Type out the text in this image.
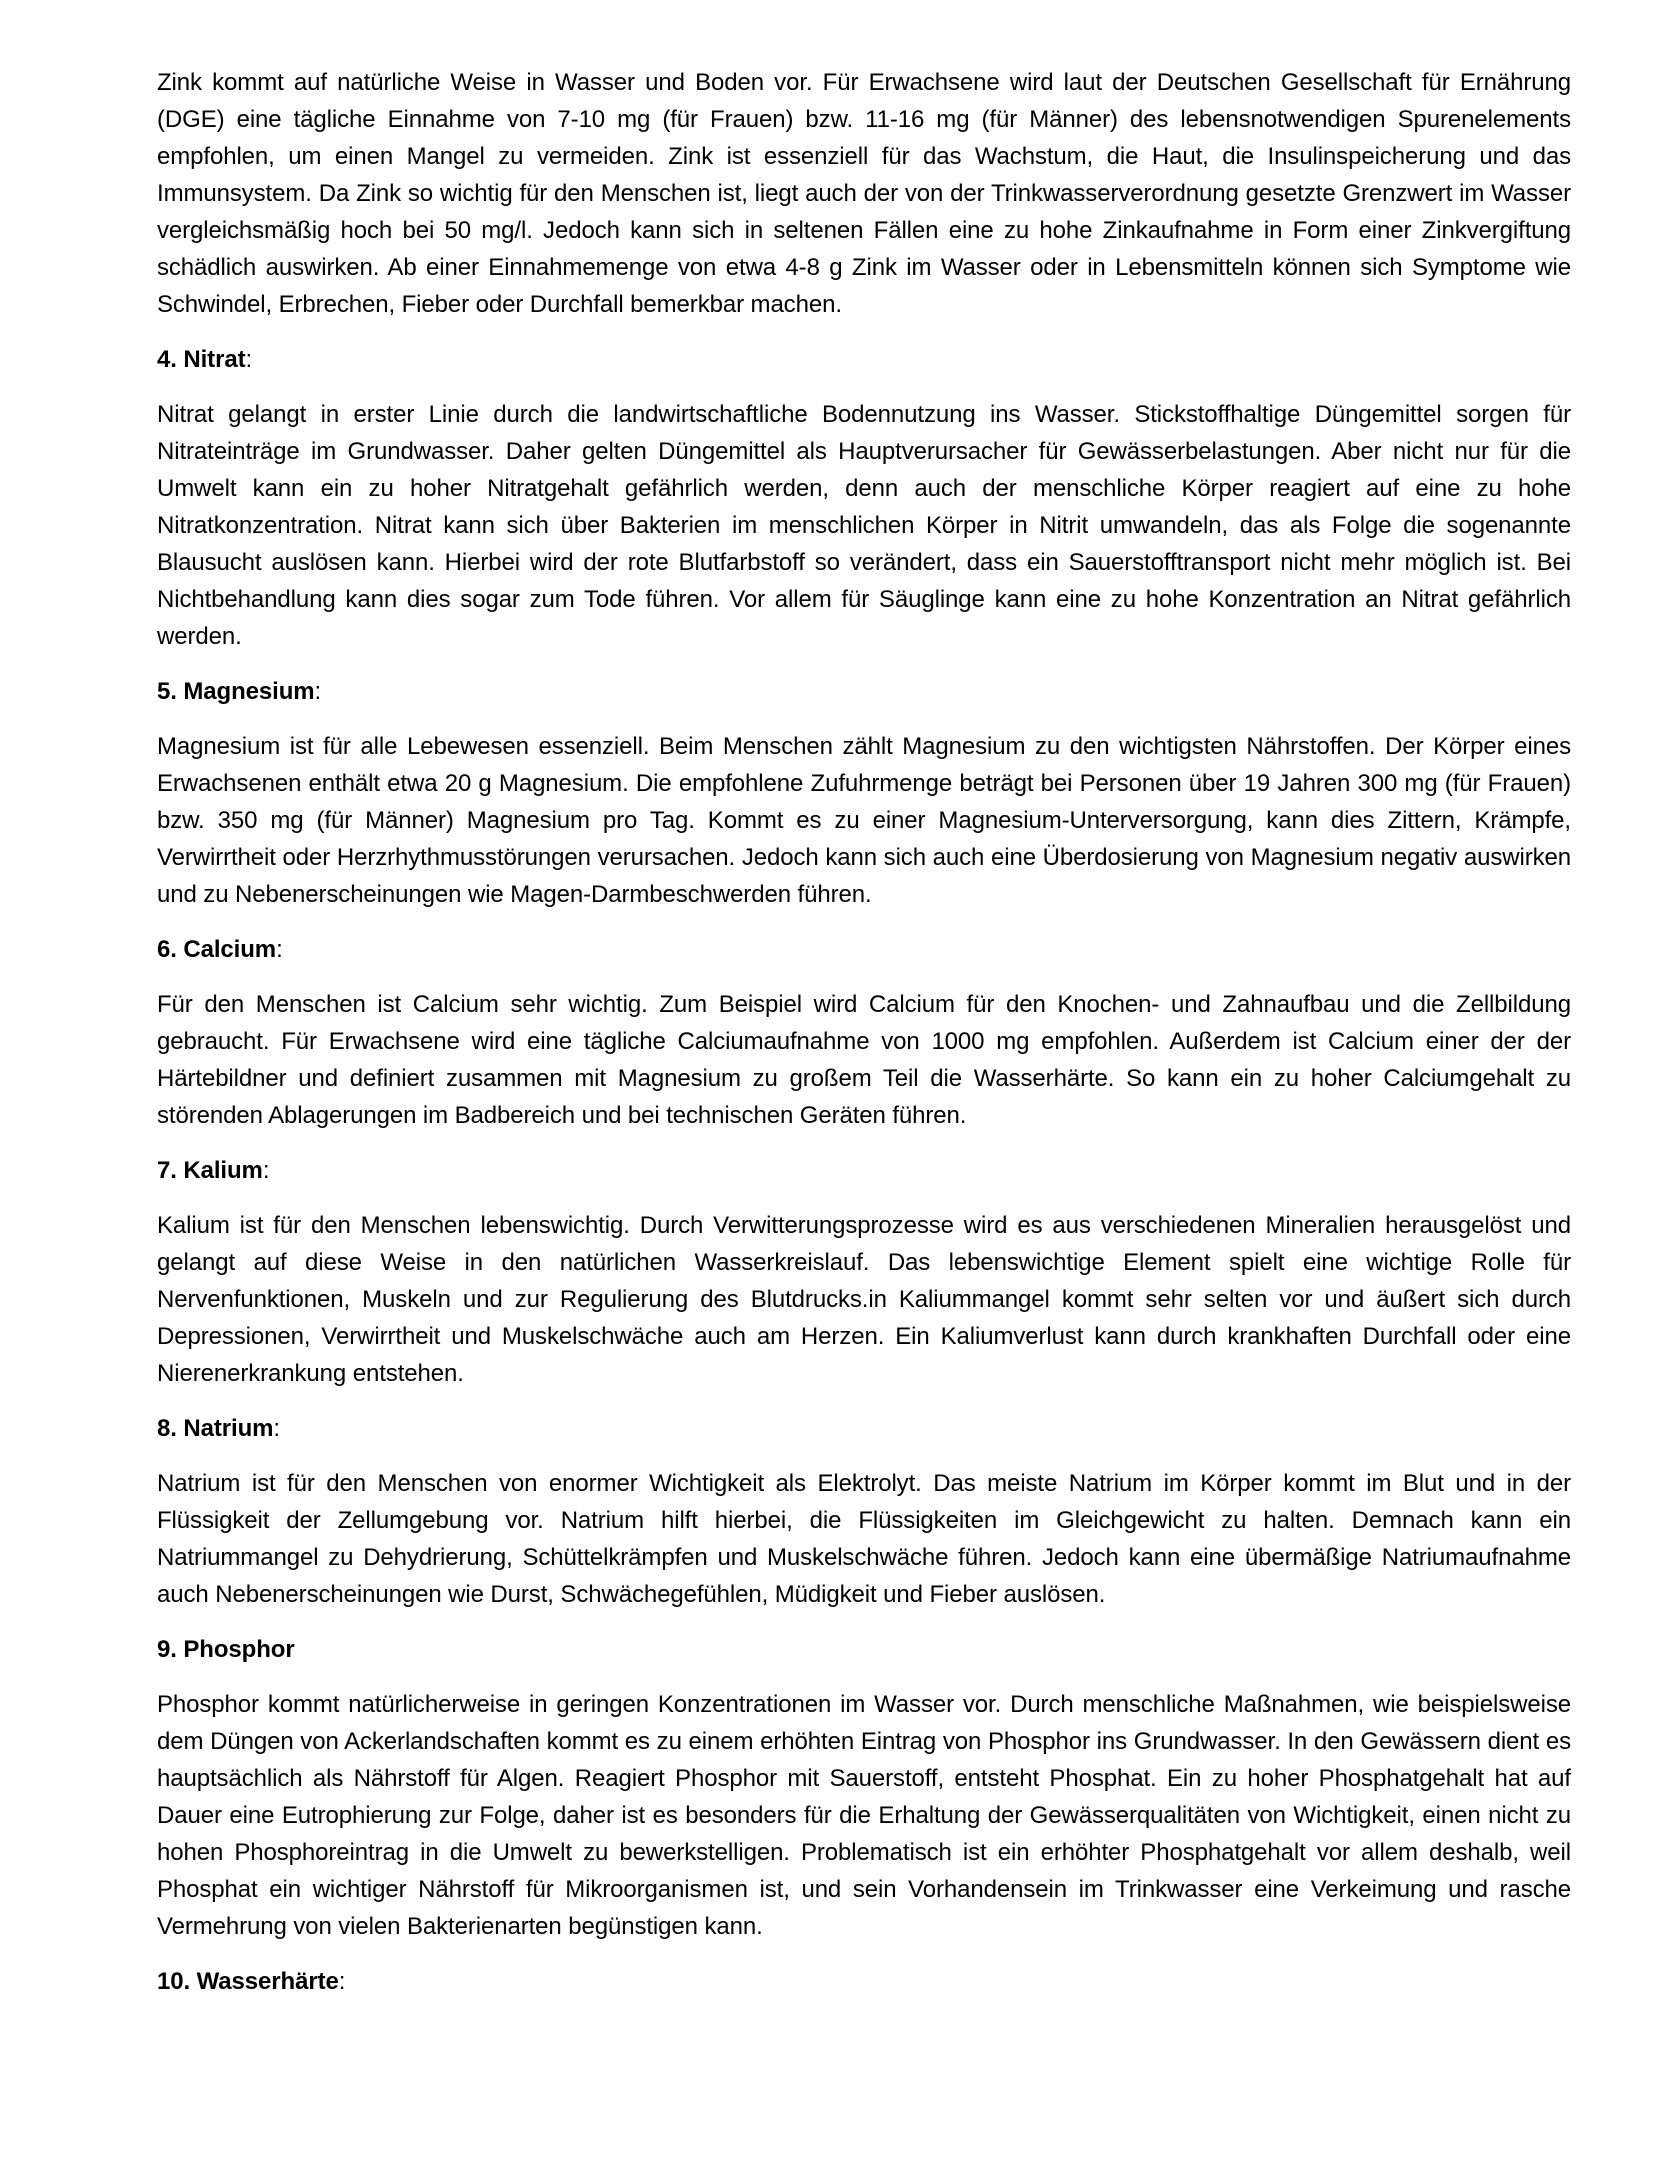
Zink kommt auf natürliche Weise in Wasser und Boden vor. Für Erwachsene wird laut der Deutschen Gesellschaft für Ernährung (DGE) eine tägliche Einnahme von 7-10 mg (für Frauen) bzw. 11-16 mg (für Männer) des lebensnotwendigen Spurenelements empfohlen, um einen Mangel zu vermeiden. Zink ist essenziell für das Wachstum, die Haut, die Insulinspeicherung und das Immunsystem. Da Zink so wichtig für den Menschen ist, liegt auch der von der Trinkwasserverordnung gesetzte Grenzwert im Wasser vergleichsmäßig hoch bei 50 mg/l. Jedoch kann sich in seltenen Fällen eine zu hohe Zinkaufnahme in Form einer Zinkvergiftung schädlich auswirken. Ab einer Einnahmemenge von etwa 4-8 g Zink im Wasser oder in Lebensmitteln können sich Symptome wie Schwindel, Erbrechen, Fieber oder Durchfall bemerkbar machen.

4. Nitrat:

Nitrat gelangt in erster Linie durch die landwirtschaftliche Bodennutzung ins Wasser. Stickstoffhaltige Düngemittel sorgen für Nitrateinträge im Grundwasser. Daher gelten Düngemittel als Hauptverursacher für Gewässerbelastungen. Aber nicht nur für die Umwelt kann ein zu hoher Nitratgehalt gefährlich werden, denn auch der menschliche Körper reagiert auf eine zu hohe Nitratkonzentration. Nitrat kann sich über Bakterien im menschlichen Körper in Nitrit umwandeln, das als Folge die sogenannte Blausucht auslösen kann. Hierbei wird der rote Blutfarbstoff so verändert, dass ein Sauerstofftransport nicht mehr möglich ist. Bei Nichtbehandlung kann dies sogar zum Tode führen. Vor allem für Säuglinge kann eine zu hohe Konzentration an Nitrat gefährlich werden.

5. Magnesium:

Magnesium ist für alle Lebewesen essenziell. Beim Menschen zählt Magnesium zu den wichtigsten Nährstoffen. Der Körper eines Erwachsenen enthält etwa 20 g Magnesium. Die empfohlene Zufuhrmenge beträgt bei Personen über 19 Jahren 300 mg (für Frauen) bzw. 350 mg (für Männer) Magnesium pro Tag. Kommt es zu einer Magnesium-Unterversorgung, kann dies Zittern, Krämpfe, Verwirrtheit oder Herzrhythmusstörungen verursachen. Jedoch kann sich auch eine Überdosierung von Magnesium negativ auswirken und zu Nebenerscheinungen wie Magen-Darmbeschwerden führen.

6. Calcium:

Für den Menschen ist Calcium sehr wichtig. Zum Beispiel wird Calcium für den Knochen- und Zahnaufbau und die Zellbildung gebraucht. Für Erwachsene wird eine tägliche Calciumaufnahme von 1000 mg empfohlen. Außerdem ist Calcium einer der der Härtebildner und definiert zusammen mit Magnesium zu großem Teil die Wasserhärte. So kann ein zu hoher Calciumgehalt zu störenden Ablagerungen im Badbereich und bei technischen Geräten führen.

7. Kalium:

Kalium ist für den Menschen lebenswichtig. Durch Verwitterungsprozesse wird es aus verschiedenen Mineralien herausgelöst und gelangt auf diese Weise in den natürlichen Wasserkreislauf. Das lebenswichtige Element spielt eine wichtige Rolle für Nervenfunktionen, Muskeln und zur Regulierung des Blutdrucks.in Kaliummangel kommt sehr selten vor und äußert sich durch Depressionen, Verwirrtheit und Muskelschwäche auch am Herzen. Ein Kaliumverlust kann durch krankhaften Durchfall oder eine Nierenerkrankung entstehen.

8. Natrium:

Natrium ist für den Menschen von enormer Wichtigkeit als Elektrolyt. Das meiste Natrium im Körper kommt im Blut und in der Flüssigkeit der Zellumgebung vor. Natrium hilft hierbei, die Flüssigkeiten im Gleichgewicht zu halten. Demnach kann ein Natriummangel zu Dehydrierung, Schüttelkrämpfen und Muskelschwäche führen. Jedoch kann eine übermäßige Natriumaufnahme auch Nebenerscheinungen wie Durst, Schwächegefühlen, Müdigkeit und Fieber auslösen.

9. Phosphor

Phosphor kommt natürlicherweise in geringen Konzentrationen im Wasser vor. Durch menschliche Maßnahmen, wie beispielsweise dem Düngen von Ackerlandschaften kommt es zu einem erhöhten Eintrag von Phosphor ins Grundwasser. In den Gewässern dient es hauptsächlich als Nährstoff für Algen. Reagiert Phosphor mit Sauerstoff, entsteht Phosphat. Ein zu hoher Phosphatgehalt hat auf Dauer eine Eutrophierung zur Folge, daher ist es besonders für die Erhaltung der Gewässerqualitäten von Wichtigkeit, einen nicht zu hohen Phosphoreintrag in die Umwelt zu bewerkstelligen. Problematisch ist ein erhöhter Phosphatgehalt vor allem deshalb, weil Phosphat ein wichtiger Nährstoff für Mikroorganismen ist, und sein Vorhandensein im Trinkwasser eine Verkeimung und rasche Vermehrung von vielen Bakterienarten begünstigen kann.

10. Wasserhärte:
